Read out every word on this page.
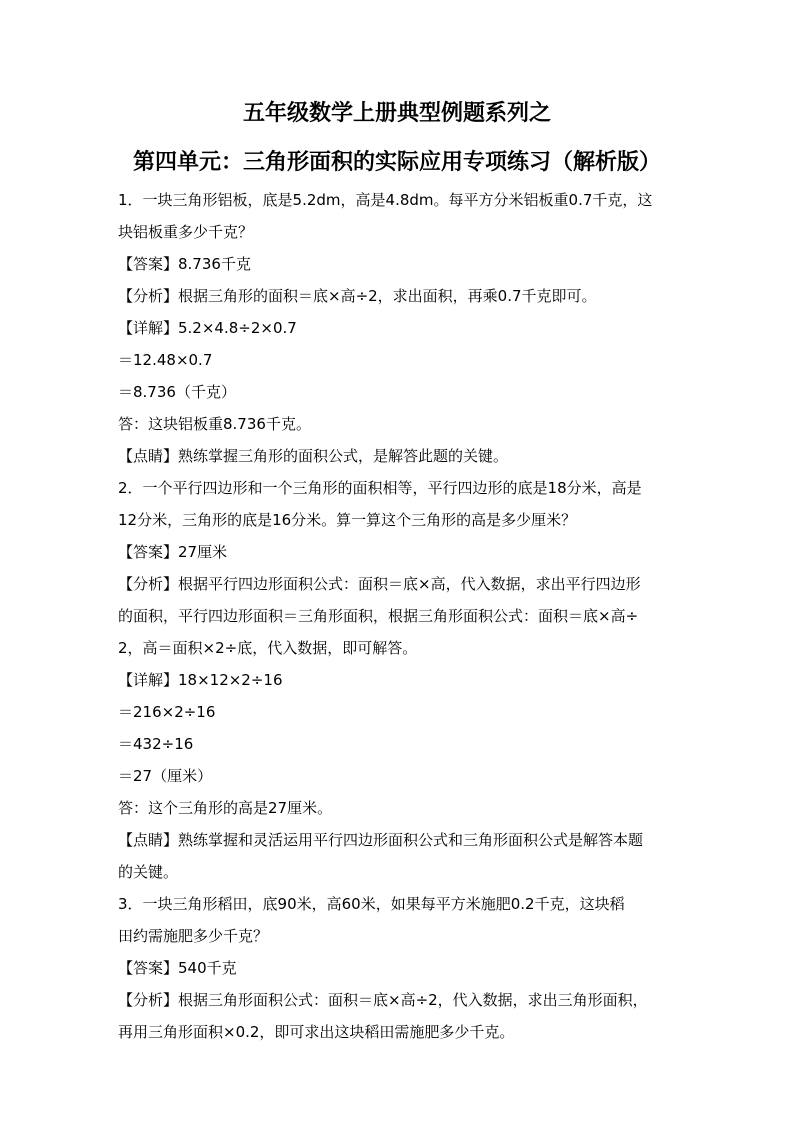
五年级数学上册典型例题系列之
第四单元：三角形面积的实际应用专项练习（解析版）
1．一块三角形铝板，底是5.2dm，高是4.8dm。每平方分米铝板重0.7千克，这
块铝板重多少千克？
【答案】8.736千克
【分析】根据三角形的面积＝底×高÷2，求出面积，再乘0.7千克即可。
【详解】5.2×4.8÷2×0.7
＝12.48×0.7
＝8.736（千克）
答：这块铝板重8.736千克。
【点睛】熟练掌握三角形的面积公式，是解答此题的关键。
2．一个平行四边形和一个三角形的面积相等，平行四边形的底是18分米，高是
12分米，三角形的底是16分米。算一算这个三角形的高是多少厘米？
【答案】27厘米
【分析】根据平行四边形面积公式：面积＝底×高，代入数据，求出平行四边形
的面积，平行四边形面积＝三角形面积，根据三角形面积公式：面积＝底×高÷
2，高＝面积×2÷底，代入数据，即可解答。
【详解】18×12×2÷16
＝216×2÷16
＝432÷16
＝27（厘米）
答：这个三角形的高是27厘米。
【点睛】熟练掌握和灵活运用平行四边形面积公式和三角形面积公式是解答本题
的关键。
3．一块三角形稻田，底90米，高60米，如果每平方米施肥0.2千克，这块稻
田约需施肥多少千克？
【答案】540千克
【分析】根据三角形面积公式：面积＝底×高÷2，代入数据，求出三角形面积，
再用三角形面积×0.2，即可求出这块稻田需施肥多少千克。
